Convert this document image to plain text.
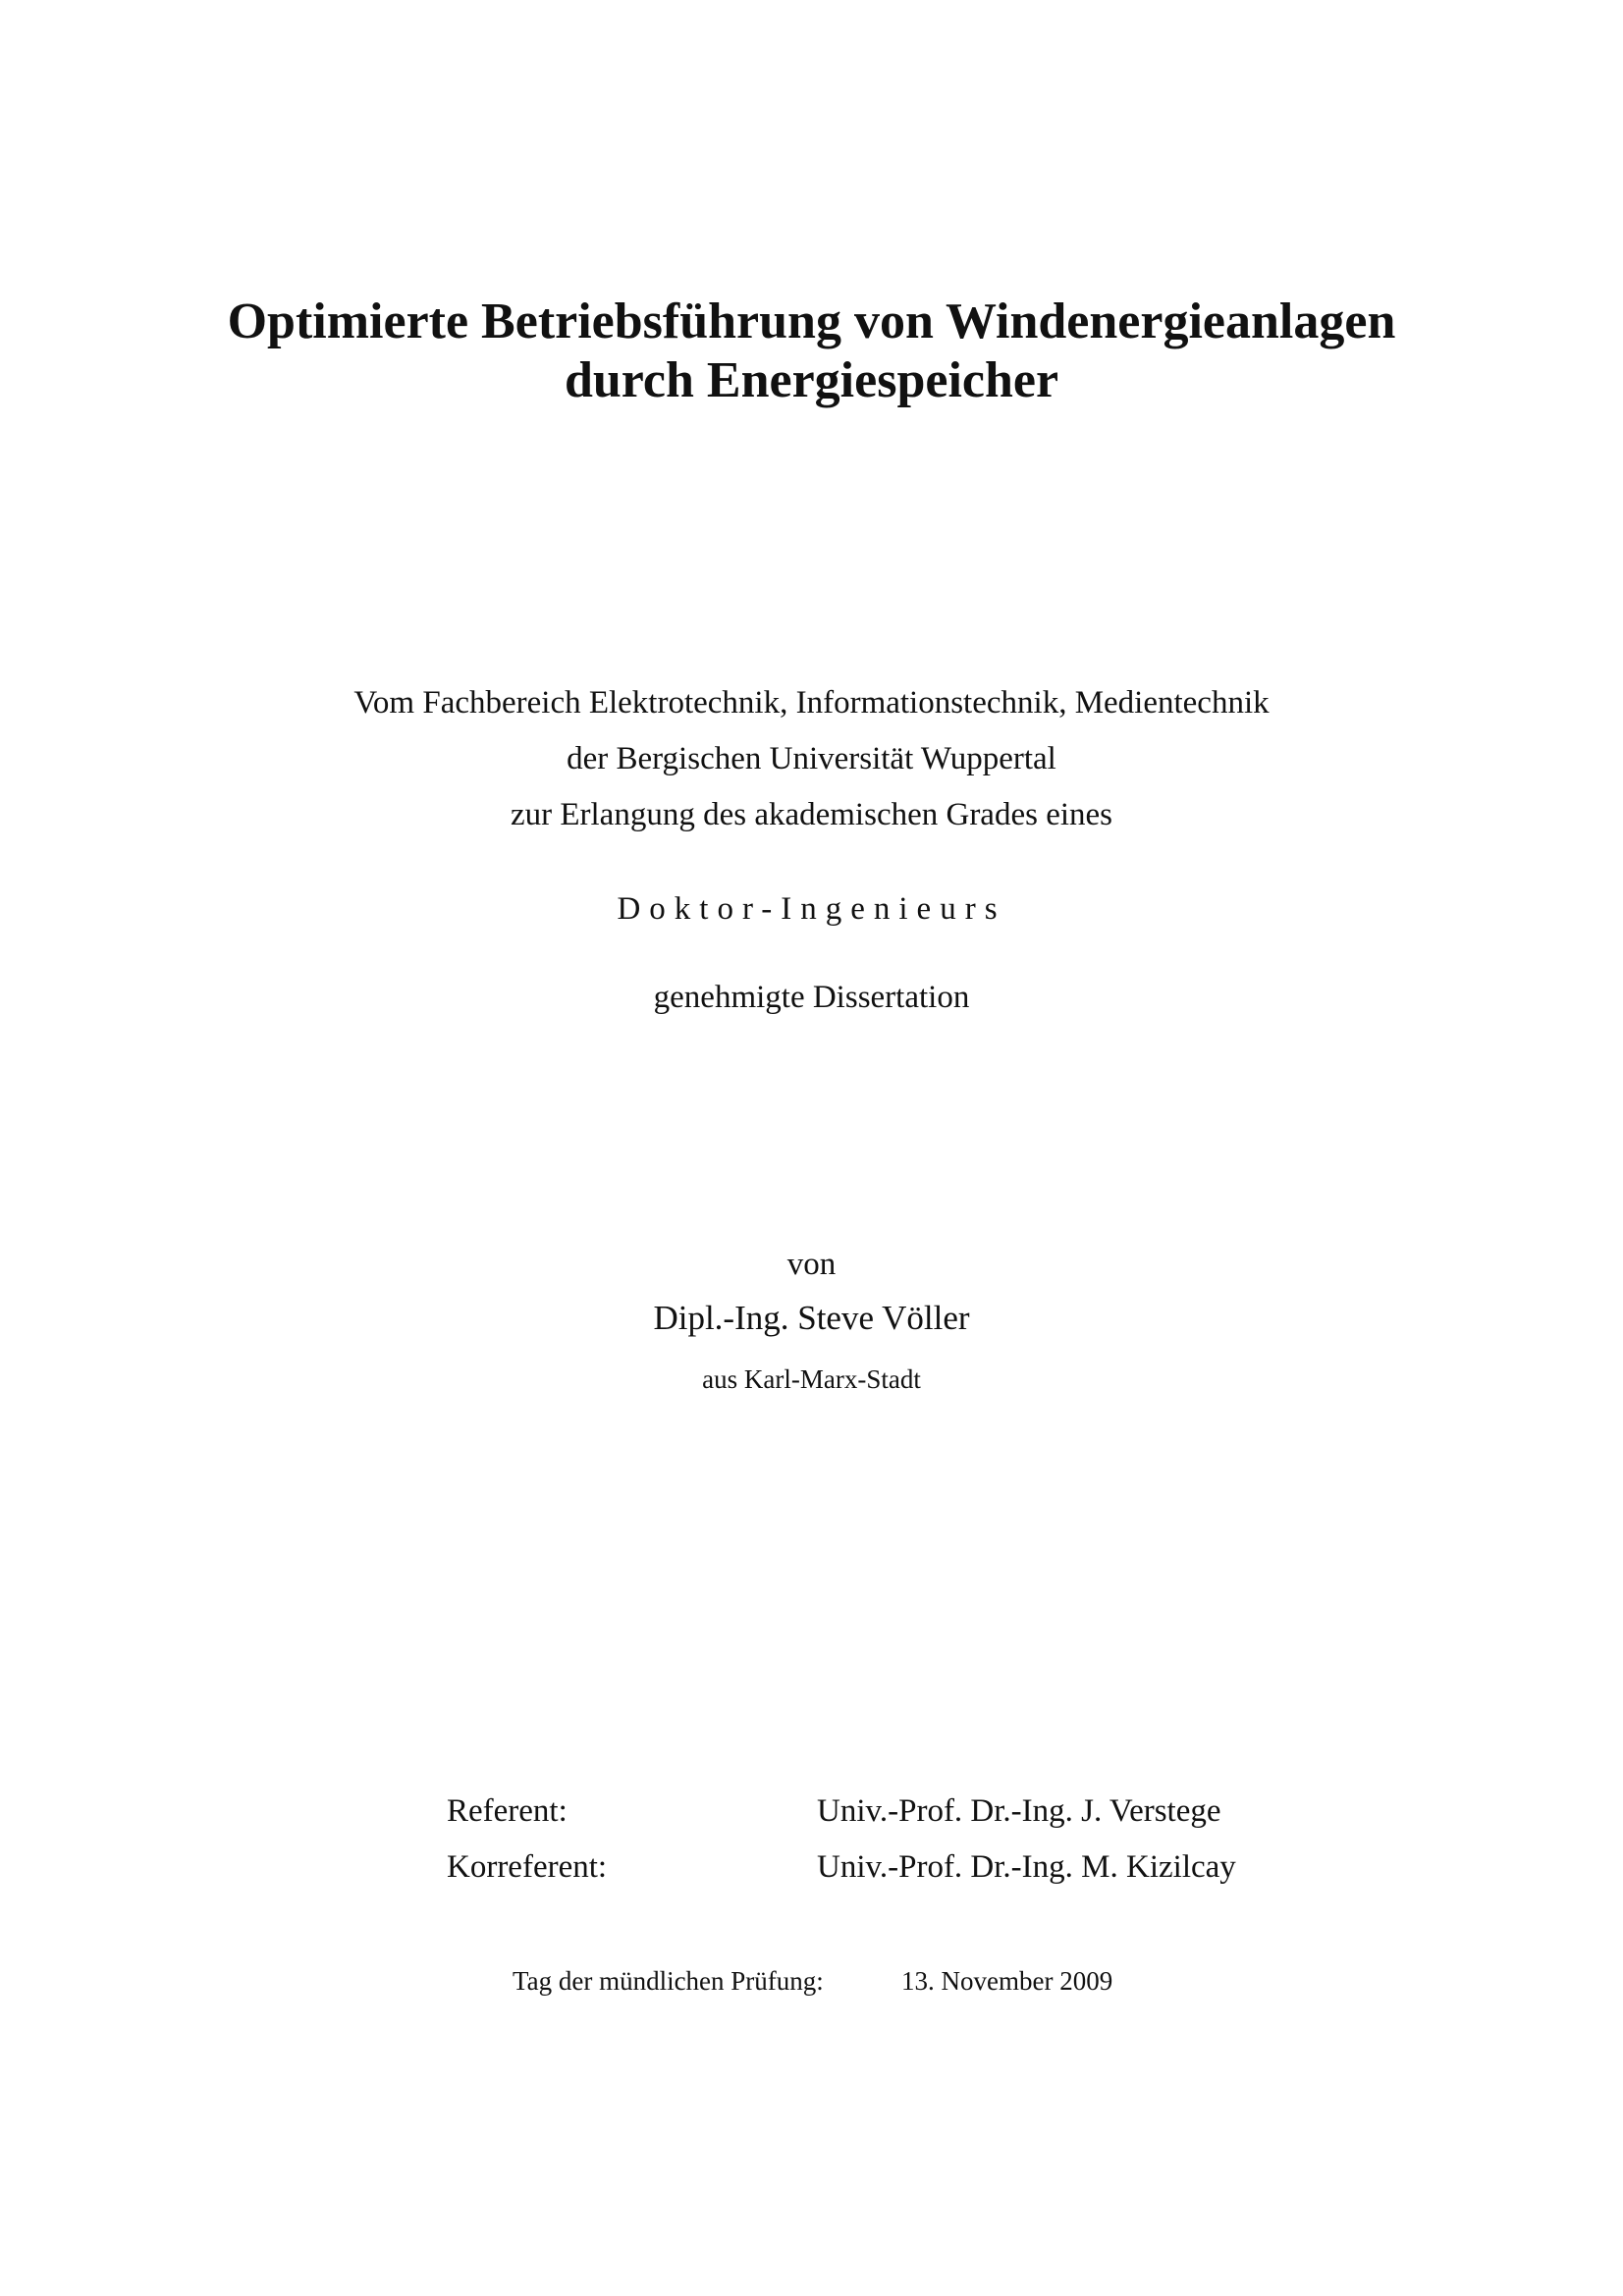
Optimierte Betriebsführung von Windenergieanlagen
durch Energiespeicher
Vom Fachbereich Elektrotechnik, Informationstechnik, Medientechnik
der Bergischen Universität Wuppertal
zur Erlangung des akademischen Grades eines
Doktor-Ingenieurs
genehmigte Dissertation
von
Dipl.-Ing. Steve Völler
aus Karl-Marx-Stadt
Referent:	Univ.-Prof. Dr.-Ing. J. Verstege
Korreferent:	Univ.-Prof. Dr.-Ing. M. Kizilcay
Tag der mündlichen Prüfung:	13. November 2009
